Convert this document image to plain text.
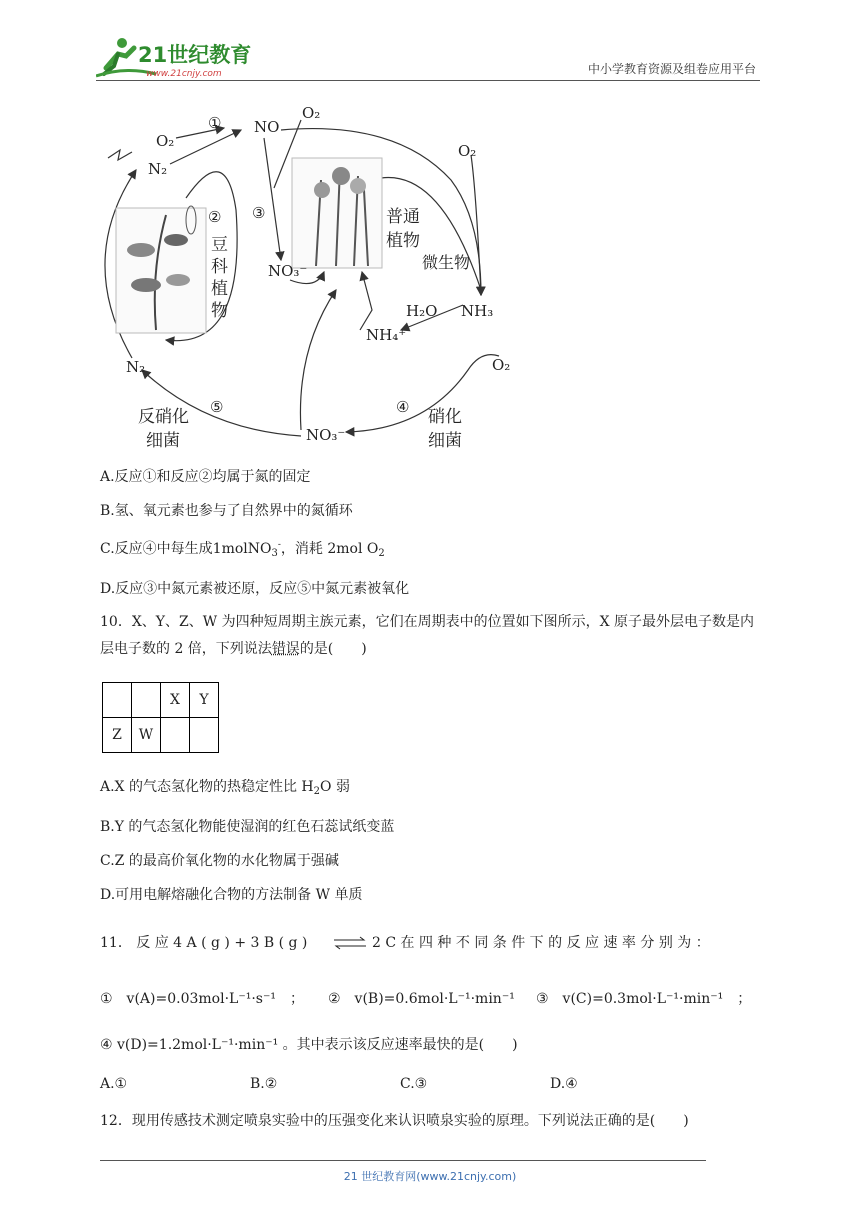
21世纪教育
www.21cnjy.com	中小学教育资源及组卷应用平台
O₂
① NO
O₂
N₂
②
豆
科
植
物
③	普通
植物
O₂
微生物
NO₃⁻
H₂O NH₃
NH₄⁺
O₂
N₂
⑤
反硝化
细菌
④ 硝化
细菌
NO₃⁻
A.反应①和反应②均属于氮的固定
B.氢、氧元素也参与了自然界中的氮循环
C.反应④中每生成1molNO$_3$-，消耗 2mol $O_2$
D.反应③中氮元素被还原，反应⑤中氮元素被氧化
10．X、Y、Z、W 为四种短周期主族元素，它们在周期表中的位置如下图所示，X 原子最外层电子数是内层电子数的 2 倍，下列说法错误的是(　　)
		X	Y
Z	W		
A.X 的气态氢化物的热稳定性比 $H_2O$ 弱
B.Y 的气态氢化物能使湿润的红色石蕊试纸变蓝
C.Z 的最高价氧化物的水化物属于强碱
D.可用电解熔融化合物的方法制备 W 单质
11． 反 应 4 A ( g ) + 3 B ( g ) ⇌ 2 C 在 四 种 不 同 条 件 下 的 反 应 速 率 分 别 为 ：
①　v(A)=0.03mol·L⁻¹·s⁻¹　； ②　v(B)=0.6mol·L⁻¹·min⁻¹ ③　v(C)=0.3mol·L⁻¹·min⁻¹　；
④ v(D)=1.2mol·L⁻¹·min⁻¹ 。其中表示该反应速率最快的是(　　)
A.①	B.②	C.③	D.④
12．现用传感技术测定喷泉实验中的压强变化来认识喷泉实验的原理。下列说法正确的是(　　)
21 世纪教育网(www.21cnjy.com)
